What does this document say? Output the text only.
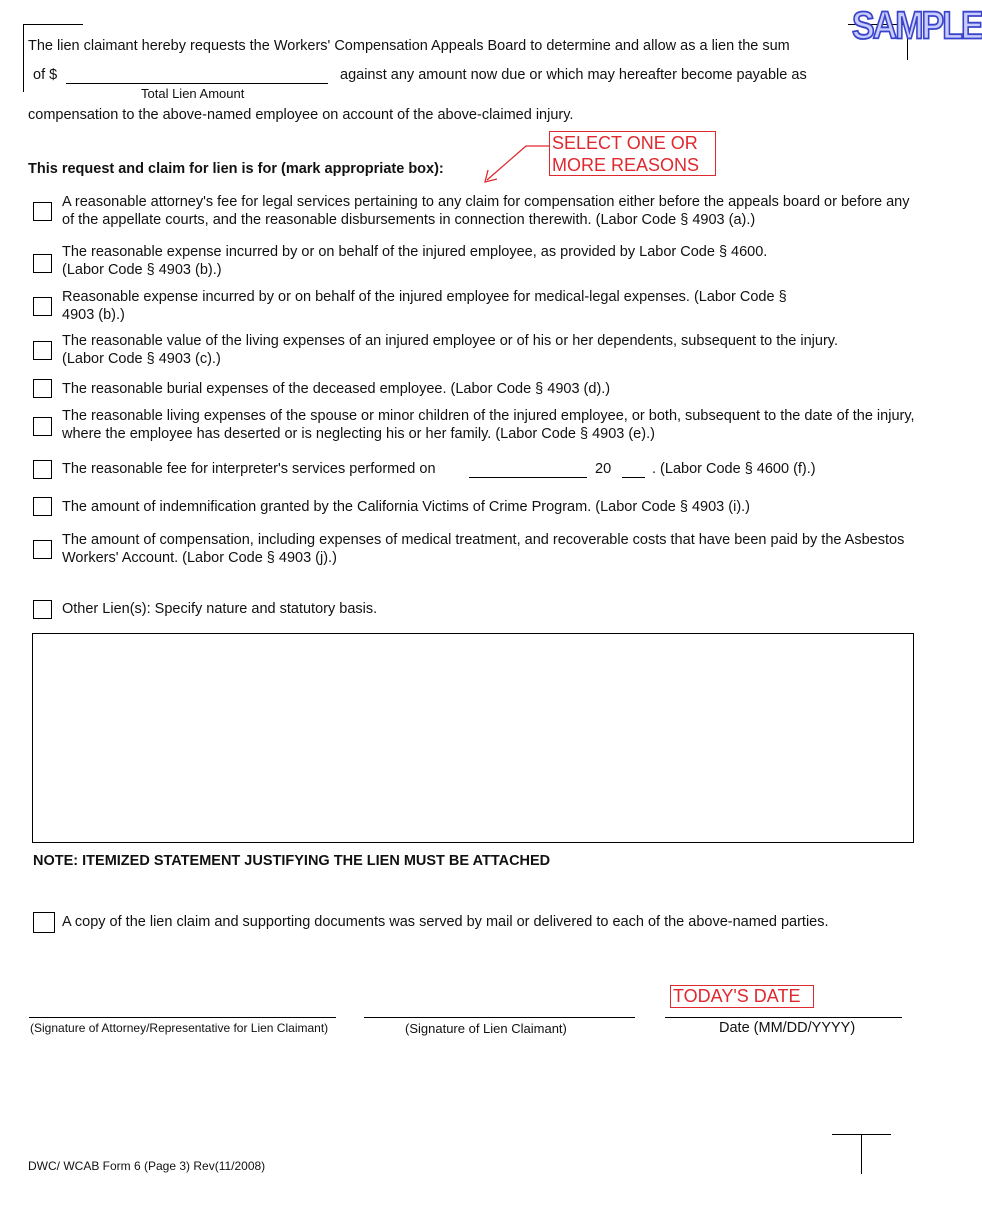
SAMPLE
The lien claimant hereby requests the Workers' Compensation Appeals Board to determine and allow as a lien the sum
of $
Total Lien Amount
against any amount now due or which may hereafter become payable as
compensation to the above-named employee on account of the above-claimed injury.
This request and claim for lien is for (mark appropriate box):
SELECT ONE OR MORE REASONS
A reasonable attorney's fee for legal services pertaining to any claim for compensation either before the appeals board or before any of the appellate courts, and the reasonable disbursements in connection therewith. (Labor Code § 4903 (a).)
The reasonable expense incurred by or on behalf of the injured employee, as provided by Labor Code § 4600. (Labor Code § 4903 (b).)
Reasonable expense incurred by or on behalf of the injured employee for medical-legal expenses. (Labor Code § 4903 (b).)
The reasonable value of the living expenses of an injured employee or of his or her dependents, subsequent to the injury. (Labor Code § 4903 (c).)
The reasonable burial expenses of the deceased employee. (Labor Code § 4903 (d).)
The reasonable living expenses of the spouse or minor children of the injured employee, or both, subsequent to the date of the injury, where the employee has deserted or is neglecting his or her family. (Labor Code § 4903 (e).)
The reasonable fee for interpreter's services performed on	20	. (Labor Code § 4600 (f).)
The amount of indemnification granted by the California Victims of Crime Program. (Labor Code § 4903 (i).)
The amount of compensation, including expenses of medical treatment, and recoverable costs that have been paid by the Asbestos Workers' Account. (Labor Code § 4903 (j).)
Other Lien(s): Specify nature and statutory basis.
NOTE: ITEMIZED STATEMENT JUSTIFYING THE LIEN MUST BE ATTACHED
A copy of the lien claim and supporting documents was served by mail or delivered to each of the above-named parties.
TODAY'S DATE
(Signature of Attorney/Representative for Lien Claimant)	(Signature of Lien Claimant)	Date (MM/DD/YYYY)
DWC/ WCAB Form 6 (Page 3) Rev(11/2008)
